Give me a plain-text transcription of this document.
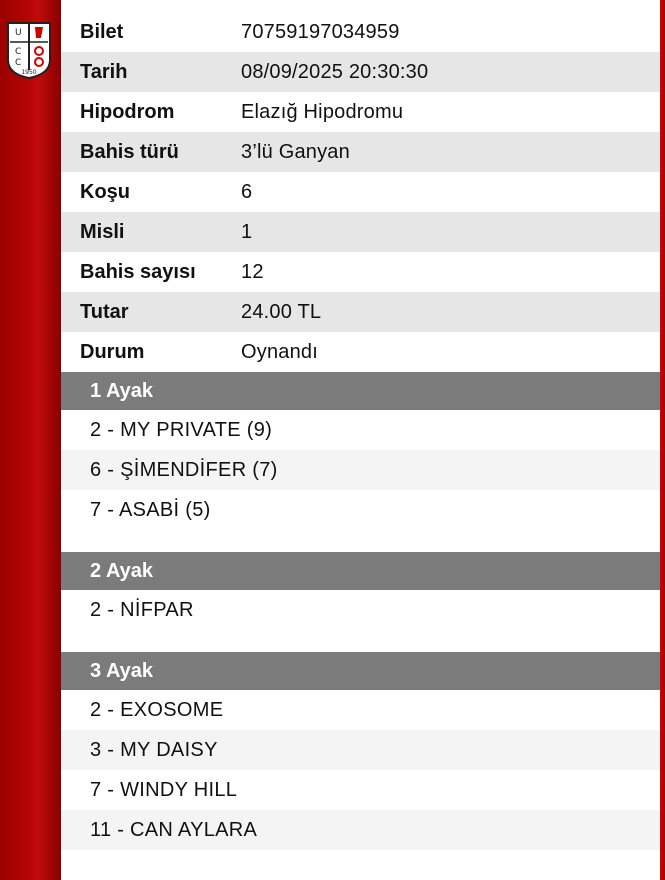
U
C
C
1950
Bilet	70759197034959
Tarih	08/09/2025 20:30:30
Hipodrom	Elazığ Hipodromu
Bahis türü	3’lü Ganyan
Koşu	6
Misli	1
Bahis sayısı	12
Tutar	24.00 TL
Durum	Oynandı
1 Ayak
2 - MY PRIVATE (9)
6 - ŞİMENDİFER (7)
7 - ASABİ (5)
2 Ayak
2 - NİFPAR
3 Ayak
2 - EXOSOME
3 - MY DAISY
7 - WINDY HILL
11 - CAN AYLARA
